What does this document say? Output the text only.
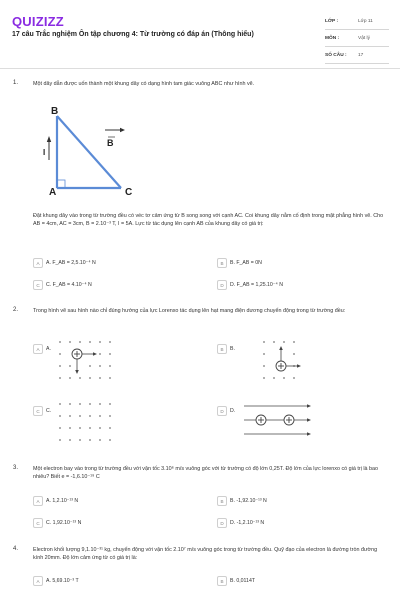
QUIZIZZ
17 câu Trắc nghiệm Ôn tập chương 4: Từ trường có đáp án (Thông hiểu)
LỚP :	Lớp 11
MÔN :	Vật lý
SỐ CÂU :	17
1.	Một dây dẫn được uốn thành một khung dây có dạng hình tam giác vuông ABC như hình vẽ.

B
A	C
I
B

Đặt khung dây vào trong từ trường đều có véc tơ cảm ứng từ B song song với cạnh AC. Coi khung dây nằm cố định trong mặt phẳng hình vẽ. Cho AB = 4cm, AC = 3cm, B = 2.10⁻³ T, I = 5A. Lực từ tác dụng lên cạnh AB của khung dây có giá trị:

A	A. F_AB = 2,5.10⁻⁴ N	B	B. F_AB = 0N
C	C. F_AB = 4.10⁻⁴ N	D	D. F_AB = 1,25.10⁻⁴ N
2.	Trong hình vẽ sau hình nào chỉ đúng hướng của lực Lorenxo tác dụng lên hạt mang điện dương chuyển động trong từ trường đều:

A	A.	B	B.
C	C.	D	D.
3.	Một electron bay vào trong từ trường đều với vận tốc 3.10⁶ m/s vuông góc với từ trường có độ lớn 0,25T. Độ lớn của lực lorenxo có giá trị là bao nhiêu? Biết e = -1,6.10⁻¹⁹ C

A	A. 1,2.10⁻¹³ N	B	B. -1,92.10⁻¹³ N
C	C. 1,92.10⁻¹³ N	D	D. -1,2.10⁻¹³ N
4.	Electron khối lượng 9,1.10⁻³¹ kg, chuyển động với vận tốc 2.10⁷ m/s vuông góc trong từ trường đều. Quỹ đạo của electron là đường tròn đường kính 20mm. Độ lớn cảm ứng từ có giá trị là:

A	A. 5,69.10⁻³ T	B	B. 0,0114T
